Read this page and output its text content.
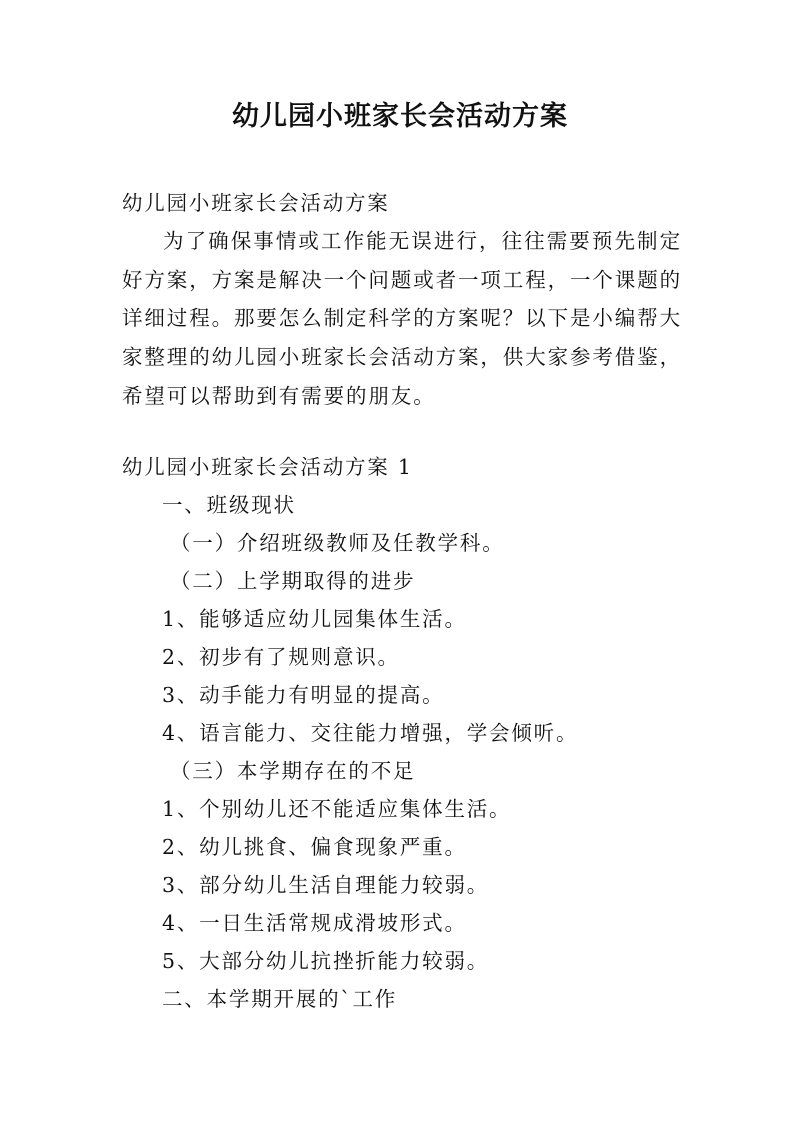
幼儿园小班家长会活动方案
幼儿园小班家长会活动方案
为了确保事情或工作能无误进行，往往需要预先制定好方案，方案是解决一个问题或者一项工程，一个课题的详细过程。那要怎么制定科学的方案呢？以下是小编帮大家整理的幼儿园小班家长会活动方案，供大家参考借鉴，希望可以帮助到有需要的朋友。
幼儿园小班家长会活动方案 1
一、班级现状
（一）介绍班级教师及任教学科。
（二）上学期取得的进步
1、能够适应幼儿园集体生活。
2、初步有了规则意识。
3、动手能力有明显的提高。
4、语言能力、交往能力增强，学会倾听。
（三）本学期存在的不足
1、个别幼儿还不能适应集体生活。
2、幼儿挑食、偏食现象严重。
3、部分幼儿生活自理能力较弱。
4、一日生活常规成滑坡形式。
5、大部分幼儿抗挫折能力较弱。
二、本学期开展的`工作
